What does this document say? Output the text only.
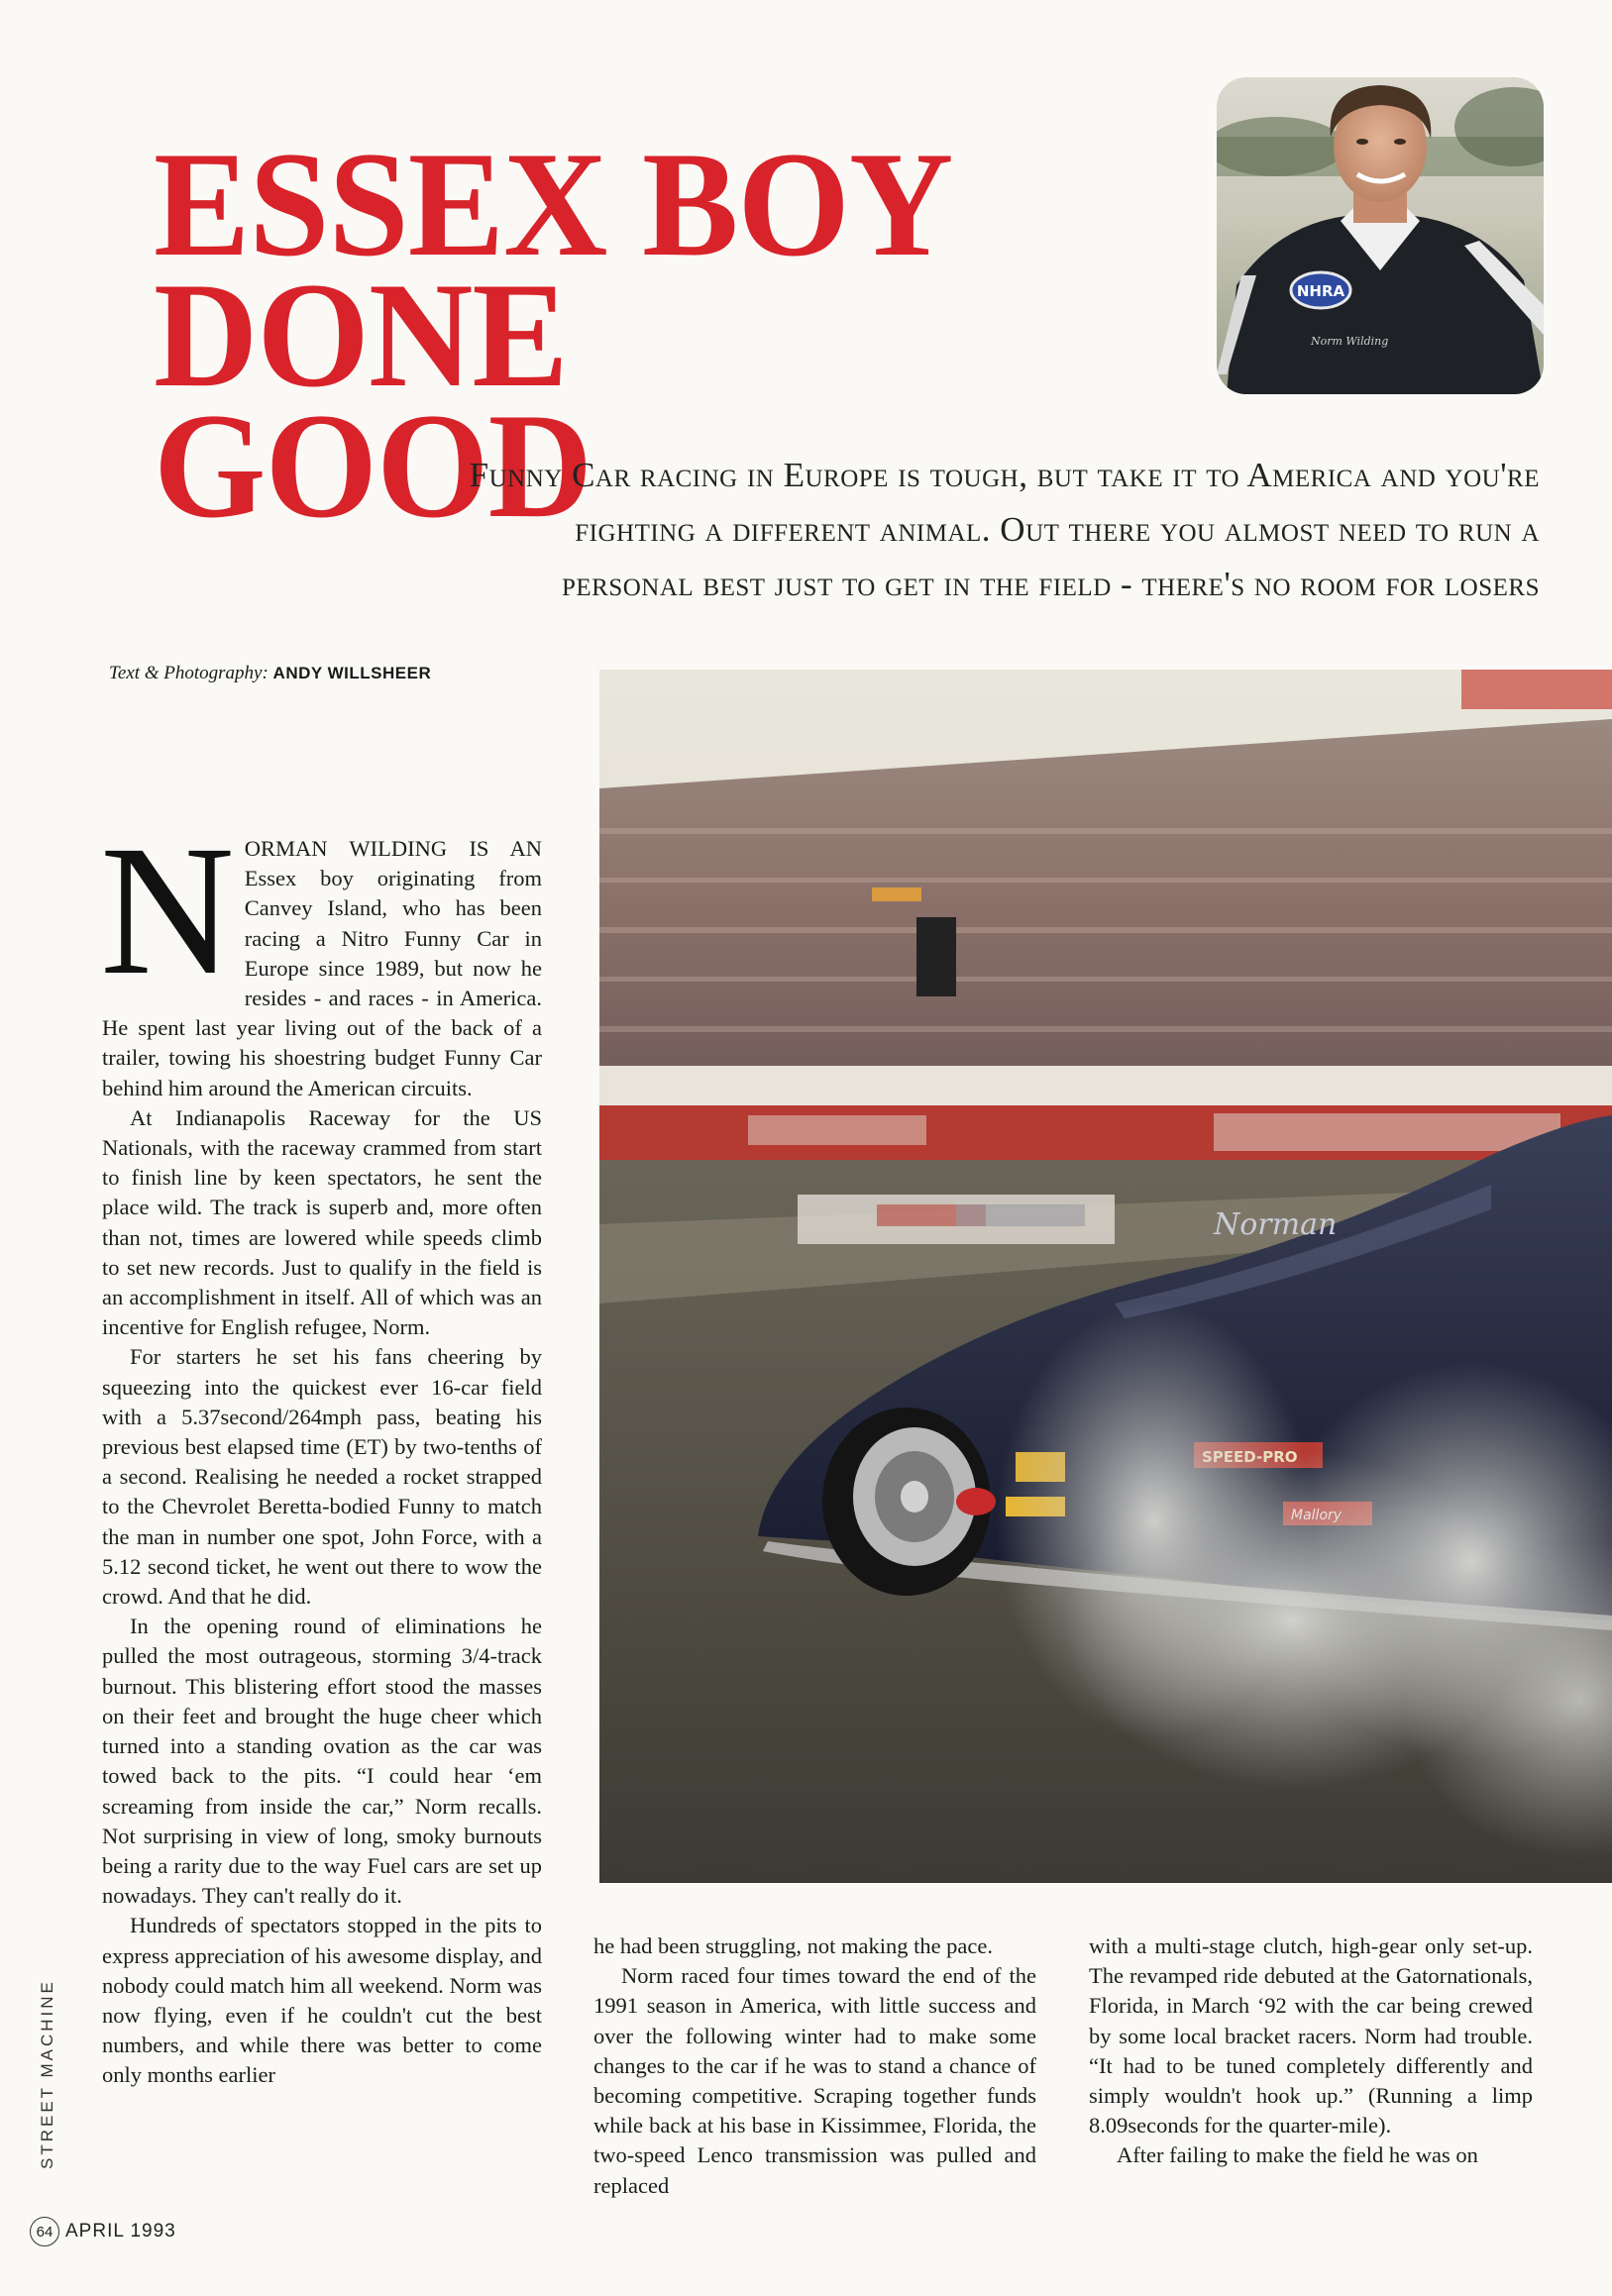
ESSEX BOY
DONE GOOD
NHRA
Norm Wilding
Funny Car racing in Europe is tough, but take it to America and you're
fighting a different animal. Out there you almost need to run a
personal best just to get in the field - there's no room for losers
Text & Photography: ANDY WILLSHEER
Norman

NORMAN WILDING IS AN Essex boy originating from Canvey Island, who has been racing a Nitro Funny Car in Europe since 1989, but now he resides - and races - in America. He spent last year living out of the back of a trailer, towing his shoestring budget Funny Car behind him around the American circuits.

At Indianapolis Raceway for the US Nationals, with the raceway crammed from start to finish line by keen spectators, he sent the place wild. The track is superb and, more often than not, times are lowered while speeds climb to set new records. Just to qualify in the field is an accomplishment in itself. All of which was an incentive for English refugee, Norm.

For starters he set his fans cheering by squeezing into the quickest ever 16-car field with a 5.37second/264mph pass, beating his previous best elapsed time (ET) by two-tenths of a second. Realising he needed a rocket strapped to the Chevrolet Beretta-bodied Funny to match the man in number one spot, John Force, with a 5.12 second ticket, he went out there to wow the crowd. And that he did.

In the opening round of eliminations he pulled the most outrageous, storming 3/4-track burnout. This blistering effort stood the masses on their feet and brought the huge cheer which turned into a standing ovation as the car was towed back to the pits. “I could hear ‘em screaming from inside the car,” Norm recalls. Not surprising in view of long, smoky burnouts being a rarity due to the way Fuel cars are set up nowadays. They can't really do it.

Hundreds of spectators stopped in the pits to express appreciation of his awesome display, and nobody could match him all weekend. Norm was now flying, even if he couldn't cut the best numbers, and while there was better to come only months earlier

he had been struggling, not making the pace.

Norm raced four times toward the end of the 1991 season in America, with little success and over the following winter had to make some changes to the car if he was to stand a chance of becoming competitive. Scraping together funds while back at his base in Kissimmee, Florida, the two-speed Lenco transmission was pulled and replaced

with a multi-stage clutch, high-gear only set-up. The revamped ride debuted at the Gatornationals, Florida, in March ‘92 with the car being crewed by some local bracket racers. Norm had trouble. “It had to be tuned completely differently and simply wouldn't hook up.” (Running a limp 8.09seconds for the quarter-mile).

After failing to make the field he was on

STREET MACHINE
64 APRIL 1993
